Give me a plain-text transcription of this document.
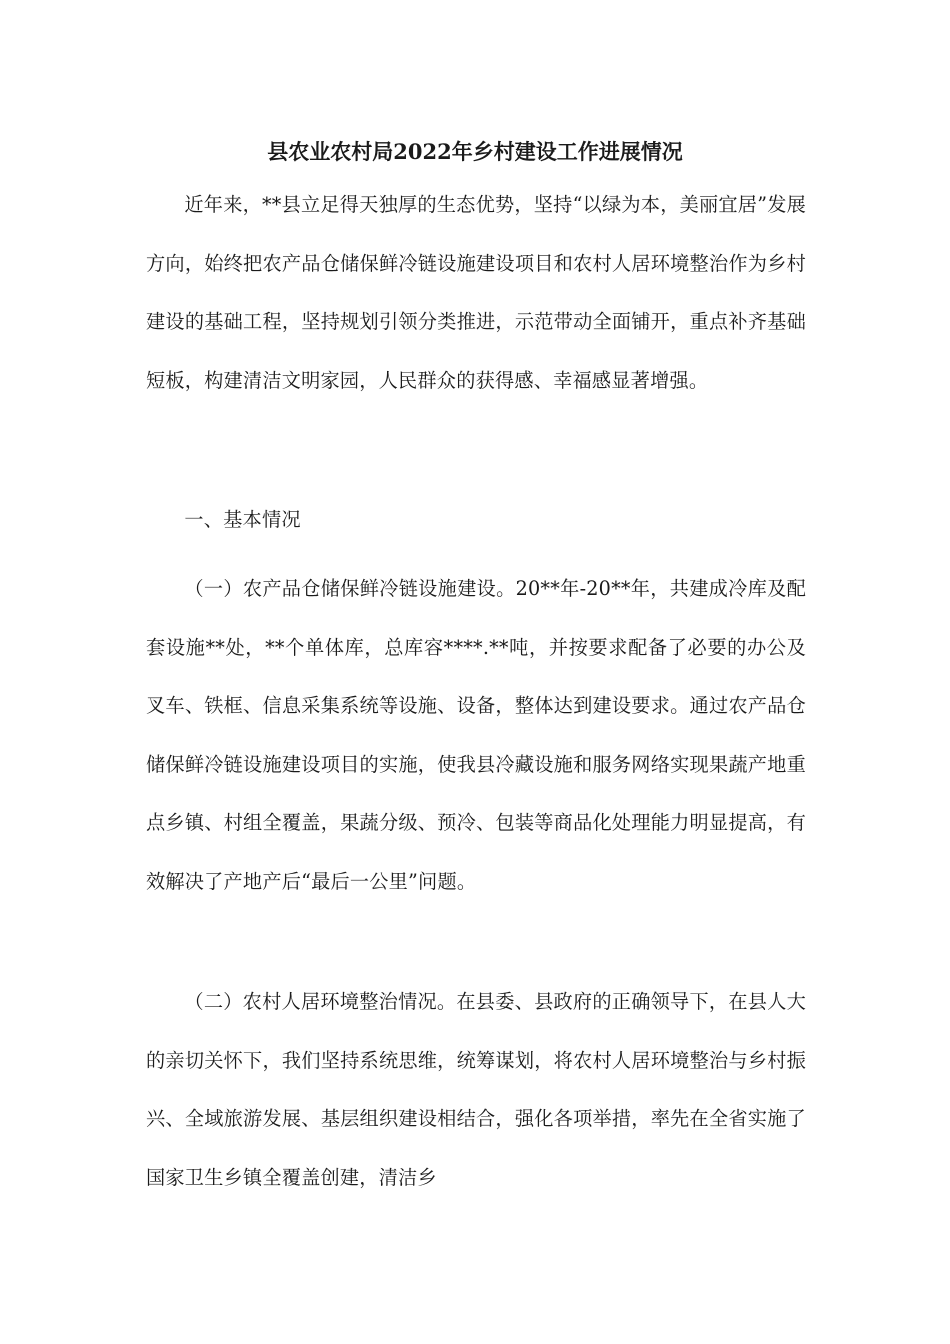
县农业农村局2022年乡村建设工作进展情况

近年来，**县立足得天独厚的生态优势，坚持“以绿为本，美丽宜居”发展方向，始终把农产品仓储保鲜冷链设施建设项目和农村人居环境整治作为乡村建设的基础工程，坚持规划引领分类推进，示范带动全面铺开，重点补齐基础短板，构建清洁文明家园，人民群众的获得感、幸福感显著增强。

一、基本情况

（一）农产品仓储保鲜冷链设施建设。20**年-20**年，共建成冷库及配套设施**处，**个单体库，总库容****.**吨，并按要求配备了必要的办公及叉车、铁框、信息采集系统等设施、设备，整体达到建设要求。通过农产品仓储保鲜冷链设施建设项目的实施，使我县冷藏设施和服务网络实现果蔬产地重点乡镇、村组全覆盖，果蔬分级、预冷、包装等商品化处理能力明显提高，有效解决了产地产后“最后一公里”问题。

（二）农村人居环境整治情况。在县委、县政府的正确领导下，在县人大的亲切关怀下，我们坚持系统思维，统筹谋划，将农村人居环境整治与乡村振兴、全域旅游发展、基层组织建设相结合，强化各项举措，率先在全省实施了国家卫生乡镇全覆盖创建，清洁乡
